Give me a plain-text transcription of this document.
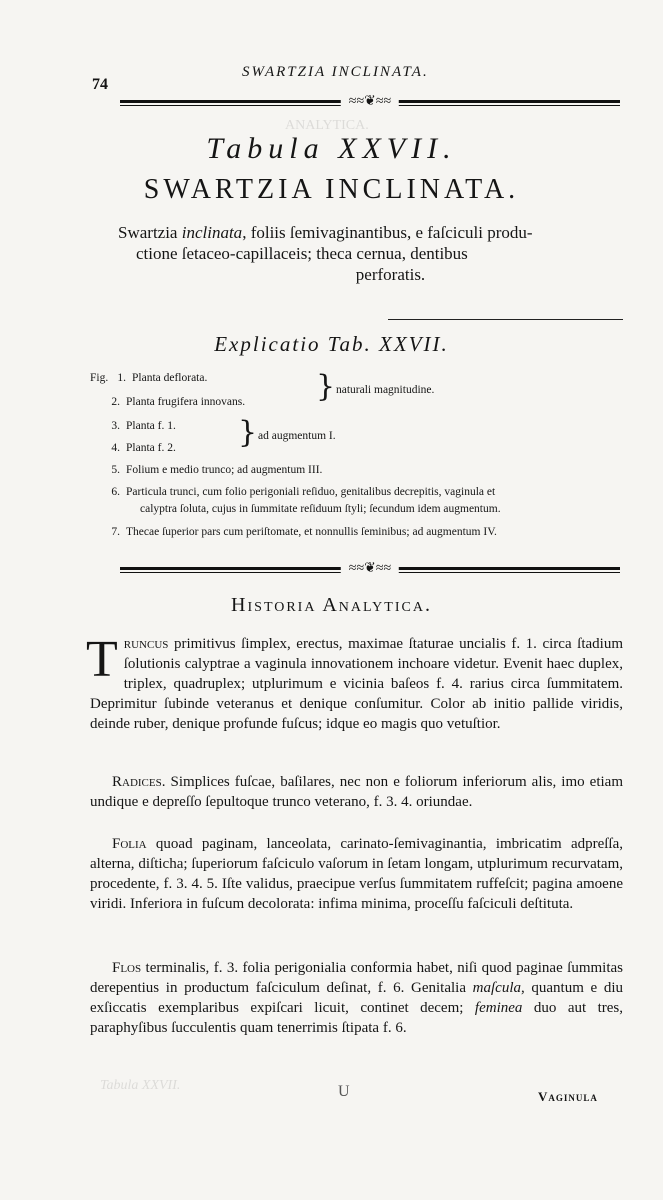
ANALYTICA.
Tabula XXVII.
74
SWARTZIA INCLINATA.
≈≈❦≈≈
Tabula XXVII.
SWARTZIA INCLINATA.
Swartzia inclinata, foliis ſemivaginantibus, e faſciculi produ-
ctione ſetaceo-capillaceis; theca cernua, dentibus
perforatis.
Explicatio Tab. XXVII.
Fig. 1. Planta deflorata.
2. Planta frugifera innovans. } naturali magnitudine.
3. Planta f. 1.
4. Planta f. 2. } ad augmentum I.
5. Folium e medio trunco; ad augmentum III.
6. Particula trunci, cum folio perigoniali reſiduo, genitalibus decrepitis, vaginula et
calyptra ſoluta, cujus in ſummitate reſiduum ſtyli; ſecundum idem augmentum.
7. Thecae ſuperior pars cum periſtomate, et nonnullis ſeminibus; ad augmentum IV.
≈≈❦≈≈
Historia Analytica.
Truncus primitivus ſimplex, erectus, maximae ſtaturae uncialis f. 1. circa ſtadium ſolutionis calyptrae a vaginula innovationem inchoare videtur. Evenit haec duplex, triplex, quadruplex; utplurimum e vicinia baſeos f. 4. rarius circa ſummitatem. Deprimitur ſubinde veteranus et denique conſumitur. Color ab initio pallide viridis, deinde ruber, denique profunde fuſcus; idque eo magis quo vetuſtior.
Radices. Simplices fuſcae, baſilares, nec non e foliorum inferiorum alis, imo etiam undique e depreſſo ſepultoque trunco veterano, f. 3. 4. oriundae.
Folia quoad paginam, lanceolata, carinato-ſemivaginantia, imbricatim adpreſſa, alterna, diſticha; ſuperiorum faſciculo vaſorum in ſetam longam, utplurimum recurvatam, procedente, f. 3. 4. 5. Iſte validus, praecipue verſus ſummitatem ruffeſcit; pagina amoene viridi. Inferiora in fuſcum decolorata: infima minima, proceſſu faſciculi deſtituta.
Flos terminalis, f. 3. folia perigonialia conformia habet, niſi quod paginae ſummitas derepentius in productum faſciculum deſinat, f. 6. Genitalia maſcula, quantum e diu exſiccatis exemplaribus expiſcari licuit, continet decem; feminea duo aut tres, paraphyſibus ſucculentis quam tenerrimis ſtipata f. 6.
U	Vaginula
